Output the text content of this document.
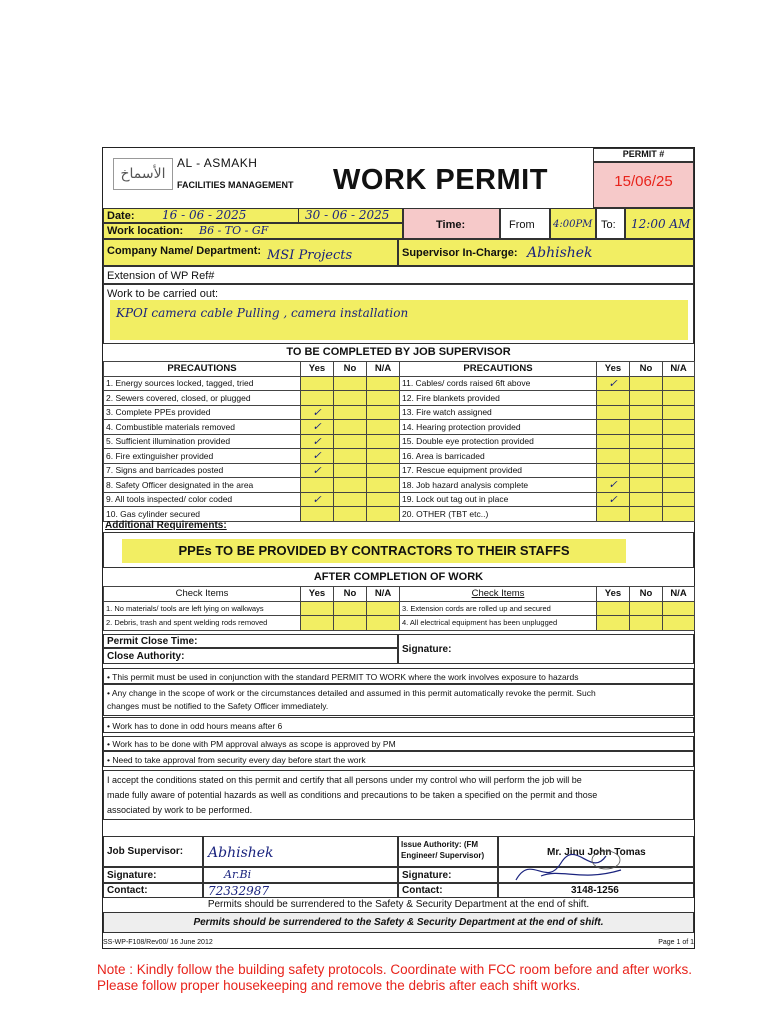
الأسماخ
AL - ASMAKH
FACILITIES MANAGEMENT WORK PERMIT
PERMIT #
15/06/25
Date: 16 - 06 - 2025	30 - 06 - 2025
Work location: B6 - TO - GF	Time:	From 4:00PM To: 12:00 AM
Company Name/ Department: MSI Projects	Supervisor In-Charge: Abhishek
Extension of WP Ref#
Work to be carried out:
KPOI camera cable Pulling , camera installation
TO BE COMPLETED BY JOB SUPERVISOR
PRECAUTIONS	Yes	No	N/A	PRECAUTIONS	Yes	No	N/A
1. Energy sources locked, tagged, tried				11. Cables/ cords raised 6ft above	✓		
2. Sewers covered, closed, or plugged				12. Fire blankets provided			
3. Complete PPEs provided	✓			13. Fire watch assigned			
4. Combustible materials removed	✓			14. Hearing protection provided			
5. Sufficient illumination provided	✓			15. Double eye protection provided			
6. Fire extinguisher provided	✓			16. Area is barricaded			
7. Signs and barricades posted	✓			17. Rescue equipment provided			
8. Safety Officer designated in the area				18. Job hazard analysis complete	✓		
9. All tools inspected/ color coded	✓			19. Lock out tag out in place	✓		
10. Gas cylinder secured				20. OTHER (TBT etc..)			
Additional Requirements:
PPEs TO BE PROVIDED BY CONTRACTORS TO THEIR STAFFS
AFTER COMPLETION OF WORK
Check Items	Yes	No	N/A	Check Items	Yes	No	N/A
1. No materials/ tools are left lying on walkways				3. Extension cords are rolled up and secured			
2. Debris, trash and spent welding rods removed				4. All electrical equipment has been unplugged			
Permit Close Time:
Close Authority:
Signature:
• This permit must be used in conjunction with the standard PERMIT TO WORK where the work involves exposure to hazards
• Any change in the scope of work or the circumstances detailed and assumed in this permit automatically revoke the permit. Such
changes must be notified to the Safety Officer immediately.
• Work has to done in odd hours means after 6
• Work has to be done with PM approval always as scope is approved by PM
• Need to take approval from security every day before start the work
I accept the conditions stated on this permit and certify that all persons under my control who will perform the job will be
made fully aware of potential hazards as well as conditions and precautions to be taken a specified on the permit and those
associated by work to be performed.
Job Supervisor: Abhishek
Signature:	Ar.Bi
Contact:	72332987
Issue Authority: (FM Engineer/ Supervisor)	Mr. Jinu John Tomas
Signature:
Contact:	3148-1256
Permits should be surrendered to the Safety & Security Department at the end of shift.
Permits should be surrendered to the Safety & Security Department at the end of shift.
SS-WP-F108/Rev00/ 16 June 2012	Page 1 of 1
Note : Kindly follow the building safety protocols. Coordinate with FCC room before and after works. Please follow proper housekeeping and remove the debris after each shift works.
